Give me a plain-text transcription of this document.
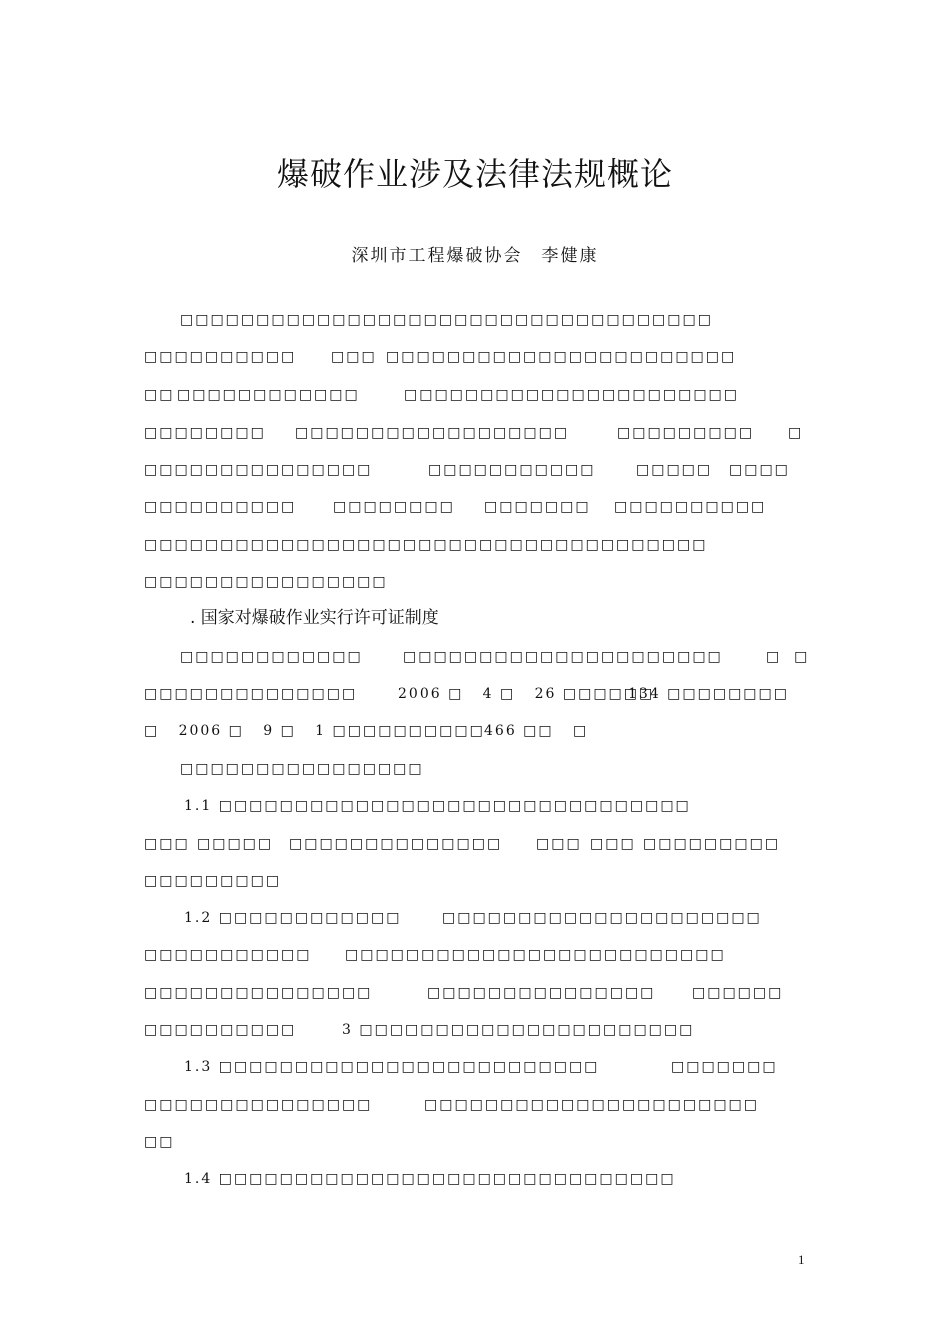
爆破作业涉及法律法规概论
深圳市工程爆破协会　李健康
□□□□□□□□□□□□□□□□□□□□□□□□□□□□□□□□□□□
□□□□□□□□□□ □□□ □□□□□□□□□□□□□□□□□□□□□□□
□□ □□□□□□□□□□□□	□□□□□□□□□□□□□□□□□□□□□□
□□□□□□□□ □□□□□□□□□□□□□□□□□□	□□□□□□□□□ □
□□□□□□□□□□□□□□□	□□□□□□□□□□□	□□□□□ □□□□
□□□□□□□□□□	□□□□□□□□ □□□□□□□ □□□□□□□□□□
□□□□□□□□□□□□□□□□□□□□□□□□□□□□□□□□□□□□□
□□□□□□□□□□□□□□□□
. 国家对爆破作业实行许可证制度
□□□□□□□□□□□□	□□□□□□□□□□□□□□□□□□□□□	□  □
□□□□□□□□□□□□□□	2006 □   4 □   26 □□□□□□
134 □□□□□□□□
□   2006 □   9 □   1 □□□□□□□□□□ 466 □□   □
□□□□□□□□□□□□□□□□
1.1 □□□□□□□□□□□□□□□□□□□□□□□□□□□□□□□
□□□ □□□□□ □□□□□□□□□□□□□□ □□□ □□□ □□□□□□□□□
□□□□□□□□□
1.2 □□□□□□□□□□□□	□□□□□□□□□□□□□□□□□□□□□
□□□□□□□□□□□ □□□□□□□□□□□□□□□□□□□□□□□□□
□□□□□□□□□□□□□□□	□□□□□□□□□□□□□□□	□□□□□□
□□□□□□□□□□	3 □□□□□□□□□□□□□□□□□□□□□□
1.3 □□□□□□□□□□□□□□□□□□□□□□□□□	□□□□□□□
□□□□□□□□□□□□□□□	□□□□□□□□□□□□□□□□□□□□□□
□□
1.4 □□□□□□□□□□□□□□□□□□□□□□□□□□□□□□
1
